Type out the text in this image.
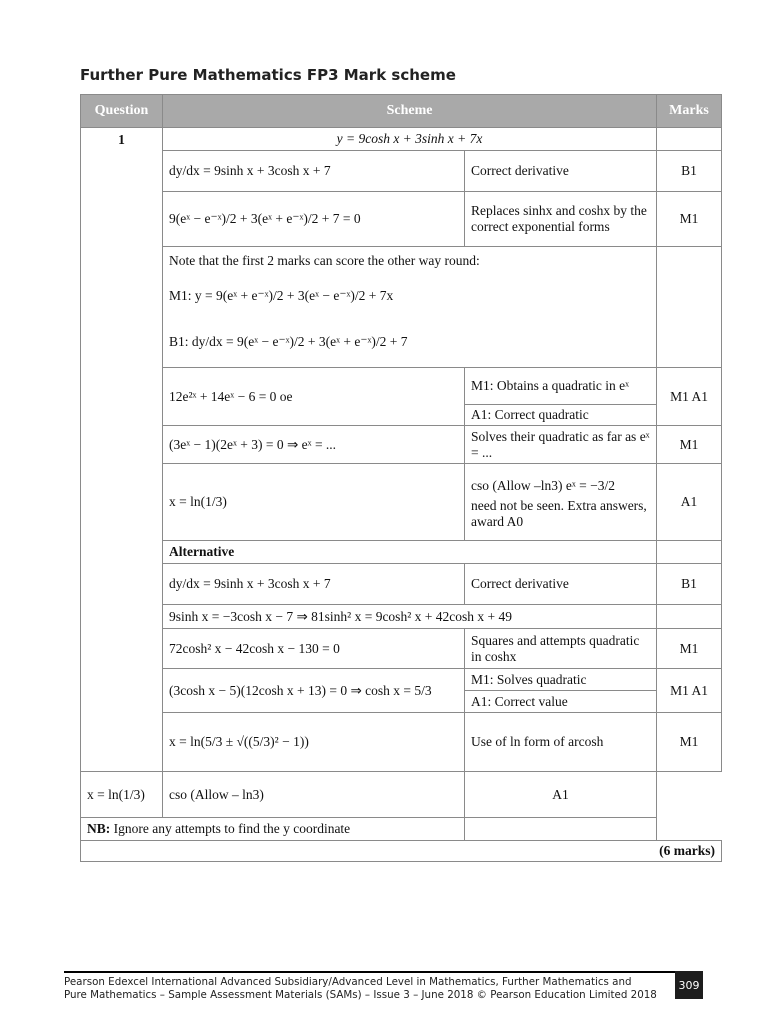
Further Pure Mathematics FP3 Mark scheme
Question	Scheme		Marks
1	y = 9cosh x + 3sinh x + 7x		
	dy/dx = 9sinh x + 3cosh x + 7	Correct derivative	B1
	9(eˣ − e⁻ˣ)/2 + 3(eˣ + e⁻ˣ)/2 + 7 = 0	Replaces sinhx and coshx by the correct exponential forms	M1

	Note that the first 2 marks can score the other way round:
M1: y = 9(eˣ + e⁻ˣ)/2 + 3(eˣ − e⁻ˣ)/2 + 7x
B1: dy/dx = 9(eˣ − e⁻ˣ)/2 + 3(eˣ + e⁻ˣ)/2 + 7		

	12e²ˣ + 14eˣ − 6 = 0 oe	M1: Obtains a quadratic in eˣ	M1 A1
		A1: Correct quadratic	
	(3eˣ − 1)(2eˣ + 3) = 0 ⇒ eˣ = ...	Solves their quadratic as far as eˣ = ...	M1
	x = ln(1/3)	cso (Allow –ln3) eˣ = −3/2
need not be seen. Extra answers, award A0	A1
	Alternative		
	dy/dx = 9sinh x + 3cosh x + 7	Correct derivative	B1
	9sinh x = −3cosh x − 7 ⇒ 81sinh² x = 9cosh² x + 42cosh x + 49		
	72cosh² x − 42cosh x − 130 = 0	Squares and attempts quadratic in coshx	M1
	(3cosh x − 5)(12cosh x + 13) = 0 ⇒ cosh x = 5/3	M1: Solves quadratic	M1 A1
		A1: Correct value	
	x = ln(5/3 ± √((5/3)² − 1))	Use of ln form of arcosh	M1
x = ln(1/3)	cso (Allow – ln3)	A1	
NB: Ignore any attempts to find the y coordinate			
(6 marks)			
Pearson Edexcel International Advanced Subsidiary/Advanced Level in Mathematics, Further Mathematics and
Pure Mathematics – Sample Assessment Materials (SAMs) – Issue 3 – June 2018 © Pearson Education Limited 2018
309
